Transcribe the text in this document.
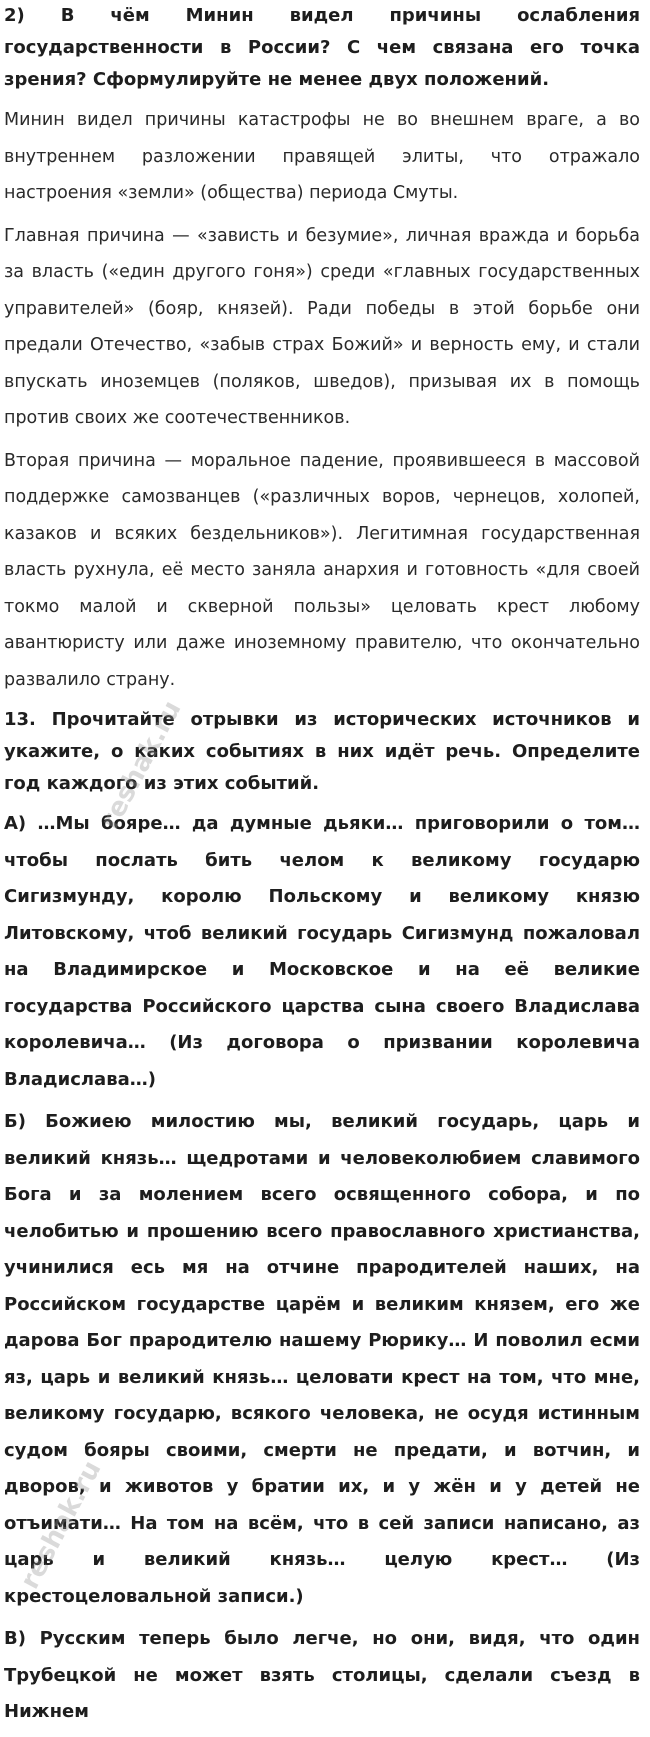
2) В чём Минин видел причины ослабления государственности в России? С чем связана его точка зрения? Сформулируйте не менее двух положений.

Минин видел причины катастрофы не во внешнем враге, а во внутреннем разложении правящей элиты, что отражало настроения «земли» (общества) периода Смуты.

Главная причина — «зависть и безумие», личная вражда и борьба за власть («един другого гоня») среди «главных государственных управителей» (бояр, князей). Ради победы в этой борьбе они предали Отечество, «забыв страх Божий» и верность ему, и стали впускать иноземцев (поляков, шведов), призывая их в помощь против своих же соотечественников.

Вторая причина — моральное падение, проявившееся в массовой поддержке самозванцев («различных воров, чернецов, холопей, казаков и всяких бездельников»). Легитимная государственная власть рухнула, её место заняла анархия и готовность «для своей токмо малой и скверной пользы» целовать крест любому авантюристу или даже иноземному правителю, что окончательно развалило страну.

13. Прочитайте отрывки из исторических источников и укажите, о каких событиях в них идёт речь. Определите год каждого из этих событий.

А) …Мы бояре… да думные дьяки… приговорили о том… чтобы послать бить челом к великому государю Сигизмунду, королю Польскому и великому князю Литовскому, чтоб великий государь Сигизмунд пожаловал на Владимирское и Московское и на её великие государства Российского царства сына своего Владислава королевича… (Из договора о призвании королевича Владислава…)

Б) Божиею милостию мы, великий государь, царь и великий князь… щедротами и человеколюбием славимого Бога и за молением всего освященного собора, и по челобитью и прошению всего православного христианства, учинилися есь мя на отчине прародителей наших, на Российском государстве царём и великим князем, его же дарова Бог прародителю нашему Рюрику… И поволил есми яз, царь и великий князь… целовати крест на том, что мне, великому государю, всякого человека, не осудя истинным судом бояры своими, смерти не предати, и вотчин, и дворов, и животов у братии их, и у жён и у детей не отъимати… На том на всём, что в сей записи написано, аз царь и великий князь… целую крест… (Из крестоцеловальной записи.)

В) Русским теперь было легче, но они, видя, что один Трубецкой не может взять столицы, сделали съезд в Нижнем

reshak.ru
reshak.ru
